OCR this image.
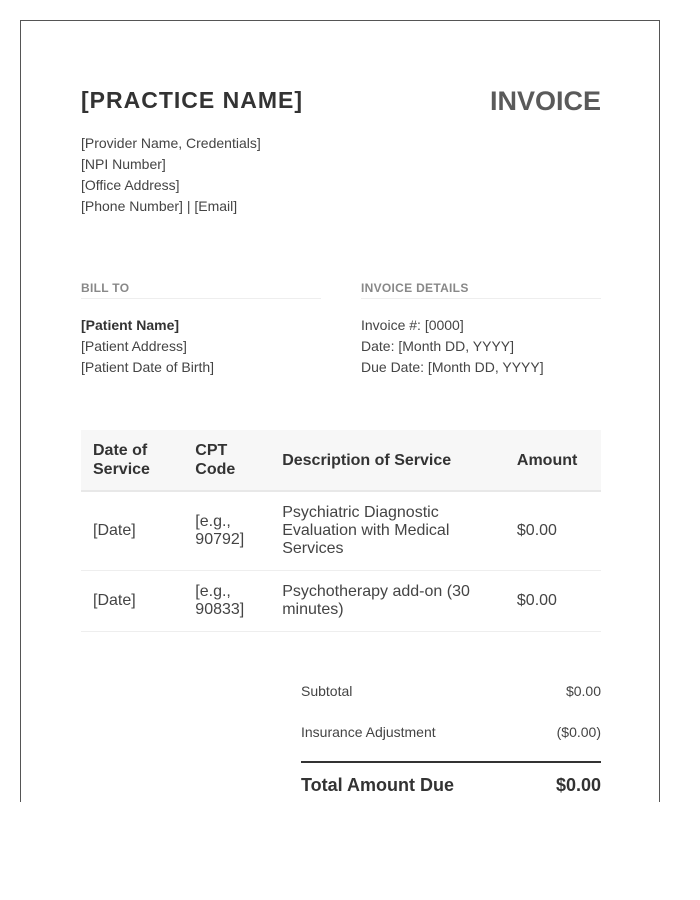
[PRACTICE NAME]	INVOICE
[Provider Name, Credentials]
[NPI Number]
[Office Address]
[Phone Number] | [Email]
BILL TO
[Patient Name]
[Patient Address]
[Patient Date of Birth]
INVOICE DETAILS
Invoice #: [0000]
Date: [Month DD, YYYY]
Due Date: [Month DD, YYYY]
Date of Service	CPT Code	Description of Service	Amount
[Date]	[e.g., 90792]	Psychiatric Diagnostic Evaluation with Medical Services	$0.00
[Date]	[e.g., 90833]	Psychotherapy add-on (30 minutes)	$0.00
Subtotal	$0.00
Insurance Adjustment	($0.00)
Total Amount Due	$0.00
